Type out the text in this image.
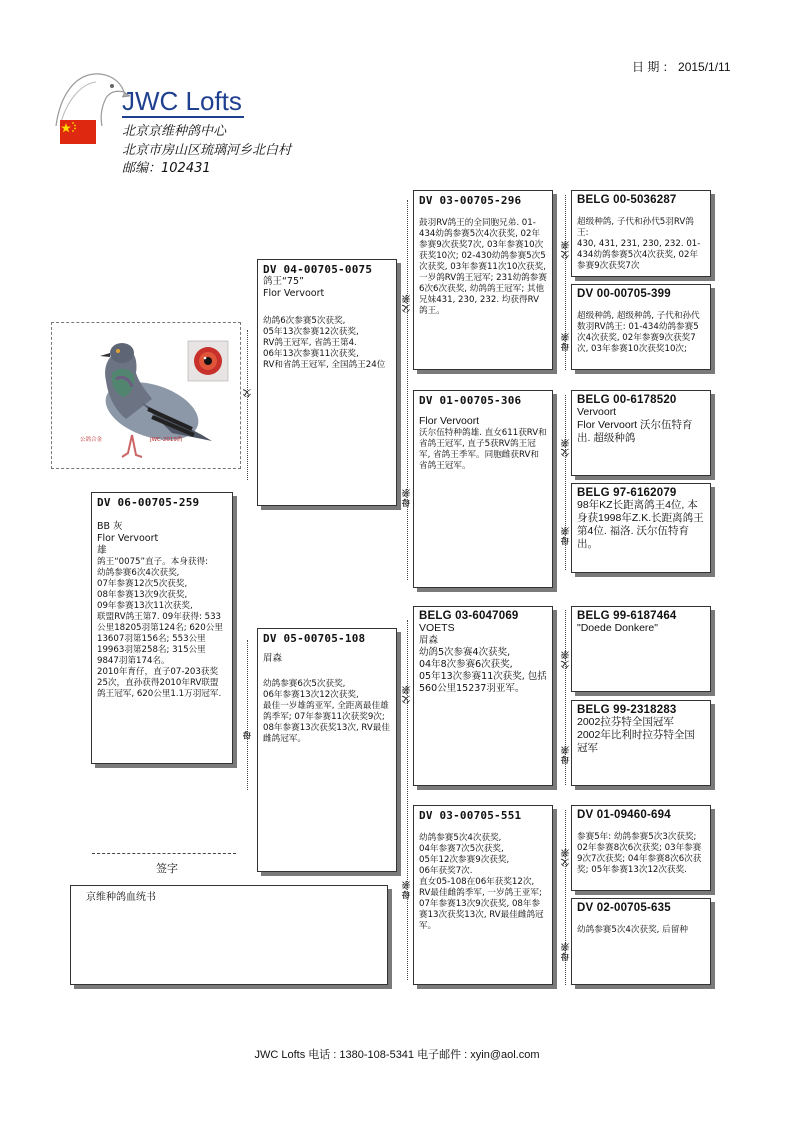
日 期 ： 2015/1/11
JWC Lofts
北京京维种鸽中心
北京市房山区琉璃河乡北白村
邮编：102431
公鸽合金	JWC-2019鸽
DV 06-00705-259
BB 灰
Flor Vervoort
雄
鸽王“0075”直子。本身获得:
幼鸽参赛6次4次获奖,
07年参赛12次5次获奖,
08年参赛13次9次获奖,
09年参赛13次11次获奖,
联盟RV鸽王第7. 09年获得: 533公里18205羽第124名; 620公里13607羽第156名; 553公里19963羽第258名; 315公里9847羽第174名。
2010年育仔，直子07-203获奖25次，直孙获得2010年RV联盟鸽王冠军, 620公里1.1万羽冠军.
DV 04-00705-0075
鸽王“75”
Flor Vervoort
幼鸽6次参赛5次获奖,
05年13次参赛12次获奖,
RV鸽王冠军, 省鸽王第4.
06年13次参赛11次获奖,
RV和省鸽王冠军, 全国鸽王24位
DV 05-00705-108
眉森
幼鸽参赛6次5次获奖,
06年参赛13次12次获奖,
最佳一岁雄鸽亚军, 全距离最佳雄鸽季军; 07年参赛11次获奖9次; 08年参赛13次获奖13次, RV最佳雌鸽冠军。
DV 03-00705-296

鼓羽RV鸽王的全同胞兄弟. 01-434幼鸽参赛5次4次获奖, 02年参赛9次获奖7次, 03年参赛10次获奖10次; 02-430幼鸽参赛5次5次获奖, 03年参赛11次10次获奖, 一岁鸽RV鸽王冠军; 231幼鸽参赛6次6次获奖, 幼鸽鸽王冠军; 其他兄妹431, 230, 232. 均获得RV鸽王。
DV 01-00705-306
Flor Vervoort
沃尔伍特种鸽雄. 直女611获RV和省鸽王冠军, 直子5获RV鸽王冠军, 省鸽王季军。同胞雌获RV和省鸽王冠军。
BELG 03-6047069
VOETS
眉森
幼鸽5次参赛4次获奖,
04年8次参赛6次获奖,
05年13次参赛11次获奖, 包括560公里15237羽亚军。
DV 03-00705-551

幼鸽参赛5次4次获奖,
04年参赛7次5次获奖,
05年12次参赛9次获奖,
06年获奖7次.
直女05-108在06年获奖12次, RV最佳雌鸽季军, 一岁鸽王亚军; 07年参赛13次9次获奖, 08年参赛13次获奖13次, RV最佳雌鸽冠军。
BELG 00-5036287

超级种鸽, 子代和孙代5羽RV鸽王:
430, 431, 231, 230, 232. 01-434幼鸽参赛5次4次获奖, 02年参赛9次获奖7次
DV 00-00705-399

超级种鸽, 超级种鸽, 子代和孙代数羽RV鸽王: 01-434幼鸽参赛5次4次获奖, 02年参赛9次获奖7次, 03年参赛10次获奖10次;
BELG 00-6178520
Vervoort
Flor Vervoort 沃尔伍特育出. 超级种鸽
BELG 97-6162079
98年KZ长距离鸽王4位, 本身获1998年Z.K.长距离鸽王第4位. 福洛. 沃尔伍特育出。
BELG 99-6187464
"Doede Donkere"
BELG 99-2318283
2002拉芬特全国冠军
2002年比利时拉芬特全国冠军
DV 01-09460-694

参赛5年: 幼鸽参赛5次3次获奖; 02年参赛8次6次获奖; 03年参赛9次7次获奖; 04年参赛8次6次获奖; 05年参赛13次12次获奖.
DV 02-00705-635

幼鸽参赛5次4次获奖, 后留种
父
母
父亲
母亲
父亲
母亲
父亲
母亲
父亲
母亲
父亲
母亲
父亲
母亲
签字
京维种鸽血统书
JWC Lofts 电话 : 1380-108-5341 电子邮件 : xyin@aol.com
